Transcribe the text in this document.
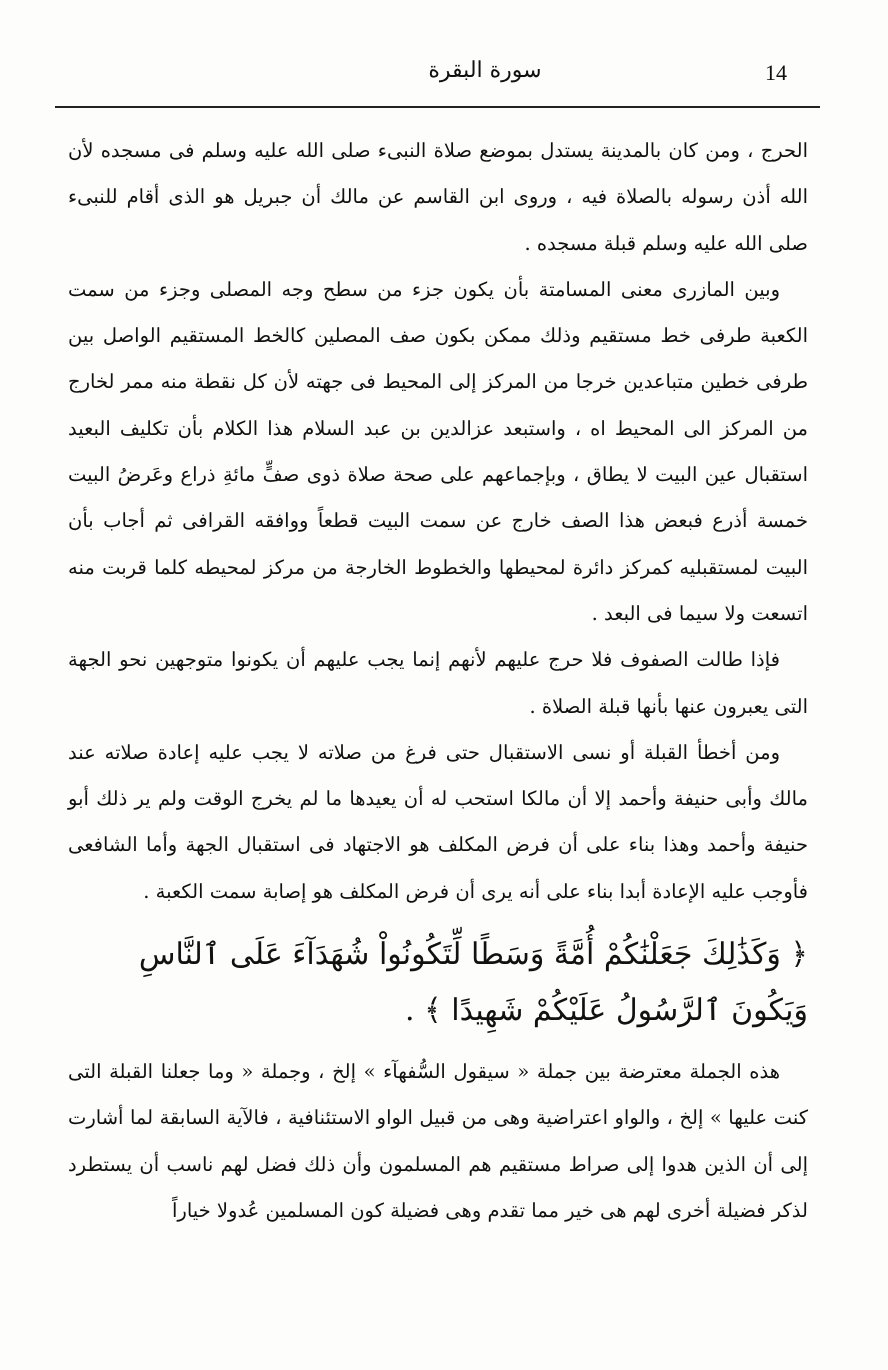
14
سورة البقرة

الحرج ، ومن كان بالمدينة يستدل بموضع صلاة النبىء صلى الله عليه وسلم فى مسجده لأن الله أذن رسوله بالصلاة فيه ، وروى ابن القاسم عن مالك أن جبريل هو الذى أقام للنبىء صلى الله عليه وسلم قبلة مسجده .

وبين المازرى معنى المسامتة بأن يكون جزء من سطح وجه المصلى وجزء من سمت الكعبة طرفى خط مستقيم وذلك ممكن بكون صف المصلين كالخط المستقيم الواصل بين طرفى خطين متباعدين خرجا من المركز إلى المحيط فى جهته لأن كل نقطة منه ممر لخارج من المركز الى المحيط اه ، واستبعد عزالدين بن عبد السلام هذا الكلام بأن تكليف البعيد استقبال عين البيت لا يطاق ، وبإجماعهم على صحة صلاة ذوى صفٍّ مائةِ ذراع وعَرضُ البيت خمسة أذرع فبعض هذا الصف خارج عن سمت البيت قطعاً ووافقه القرافى ثم أجاب بأن البيت لمستقبليه كمركز دائرة لمحيطها والخطوط الخارجة من مركز لمحيطه كلما قربت منه اتسعت ولا سيما فى البعد .

فإذا طالت الصفوف فلا حرج عليهم لأنهم إنما يجب عليهم أن يكونوا متوجهين نحو الجهة التى يعبرون عنها بأنها قبلة الصلاة .

ومن أخطأ القبلة أو نسى الاستقبال حتى فرغ من صلاته لا يجب عليه إعادة صلاته عند مالك وأبى حنيفة وأحمد إلا أن مالكا استحب له أن يعيدها ما لم يخرج الوقت ولم ير ذلك أبو حنيفة وأحمد وهذا بناء على أن فرض المكلف هو الاجتهاد فى استقبال الجهة وأما الشافعى فأوجب عليه الإعادة أبدا بناء على أنه يرى أن فرض المكلف هو إصابة سمت الكعبة .

﴿ وَكَذَٰلِكَ جَعَلْنَٰكُمْ أُمَّةً وَسَطًا لِّتَكُونُواْ شُهَدَآءَ عَلَى ٱلنَّاسِ وَيَكُونَ ٱلرَّسُولُ عَلَيْكُمْ شَهِيدًا ﴾ .

هذه الجملة معترضة بين جملة « سيقول السُّفهآء » إلخ ، وجملة « وما جعلنا القبلة التى كنت عليها » إلخ ، والواو اعتراضية وهى من قبيل الواو الاستئنافية ، فالآية السابقة لما أشارت إلى أن الذين هدوا إلى صراط مستقيم هم المسلمون وأن ذلك فضل لهم ناسب أن يستطرد لذكر فضيلة أخرى لهم هى خير مما تقدم وهى فضيلة كون المسلمين عُدولا خياراً
